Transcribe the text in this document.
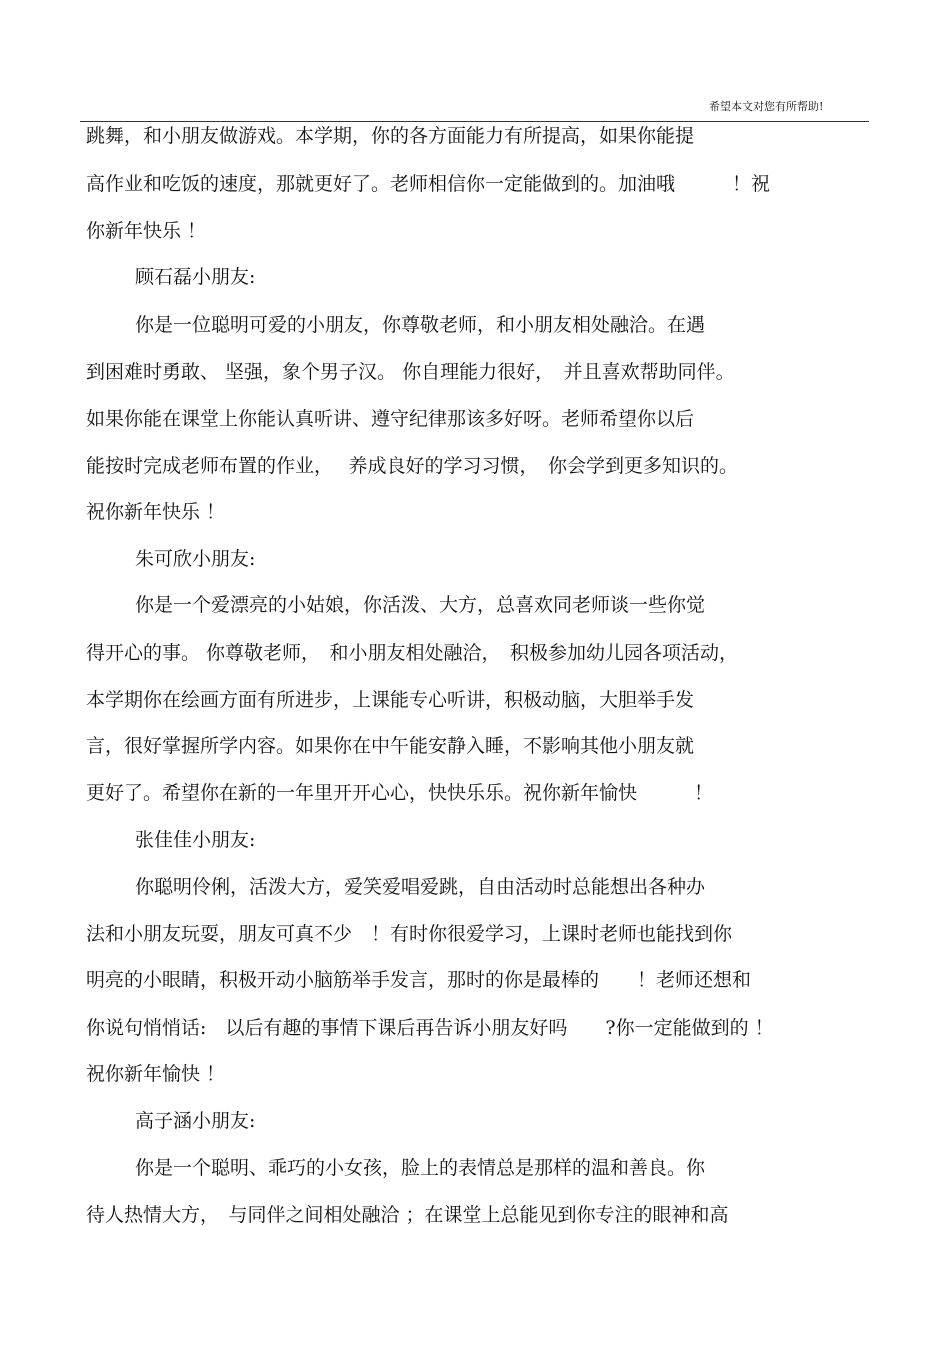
希望本文对您有所帮助!
跳舞，和小朋友做游戏。本学期，你的各方面能力有所提高，如果你能提
高作业和吃饭的速度，那就更好了。老师相信你一定能做到的。加油哦　　　！祝
你新年快乐 ！
顾石磊小朋友:
你是一位聪明可爱的小朋友，你尊敬老师，和小朋友相处融洽。在遇
到困难时勇敢、 坚强，象个男子汉。 你自理能力很好，　并且喜欢帮助同伴。
如果你能在课堂上你能认真听讲、遵守纪律那该多好呀。老师希望你以后
能按时完成老师布置的作业，　 养成良好的学习习惯，　你会学到更多知识的。
祝你新年快乐 ！
朱可欣小朋友:
你是一个爱漂亮的小姑娘，你活泼、大方，总喜欢同老师谈一些你觉
得开心的事。 你尊敬老师，　和小朋友相处融洽，　积极参加幼儿园各项活动，
本学期你在绘画方面有所进步，上课能专心听讲，积极动脑，大胆举手发
言，很好掌握所学内容。如果你在中午能安静入睡，不影响其他小朋友就
更好了。希望你在新的一年里开开心心，快快乐乐。祝你新年愉快　　　！
张佳佳小朋友:
你聪明伶俐，活泼大方，爱笑爱唱爱跳，自由活动时总能想出各种办
法和小朋友玩耍，朋友可真不少　！有时你很爱学习，上课时老师也能找到你
明亮的小眼睛，积极开动小脑筋举手发言，那时的你是最棒的　　！老师还想和
你说句悄悄话:　以后有趣的事情下课后再告诉小朋友好吗　　?你一定能做到的 ！
祝你新年愉快 ！
高子涵小朋友:
你是一个聪明、乖巧的小女孩，脸上的表情总是那样的温和善良。你
待人热情大方，　与同伴之间相处融洽 ；在课堂上总能见到你专注的眼神和高
